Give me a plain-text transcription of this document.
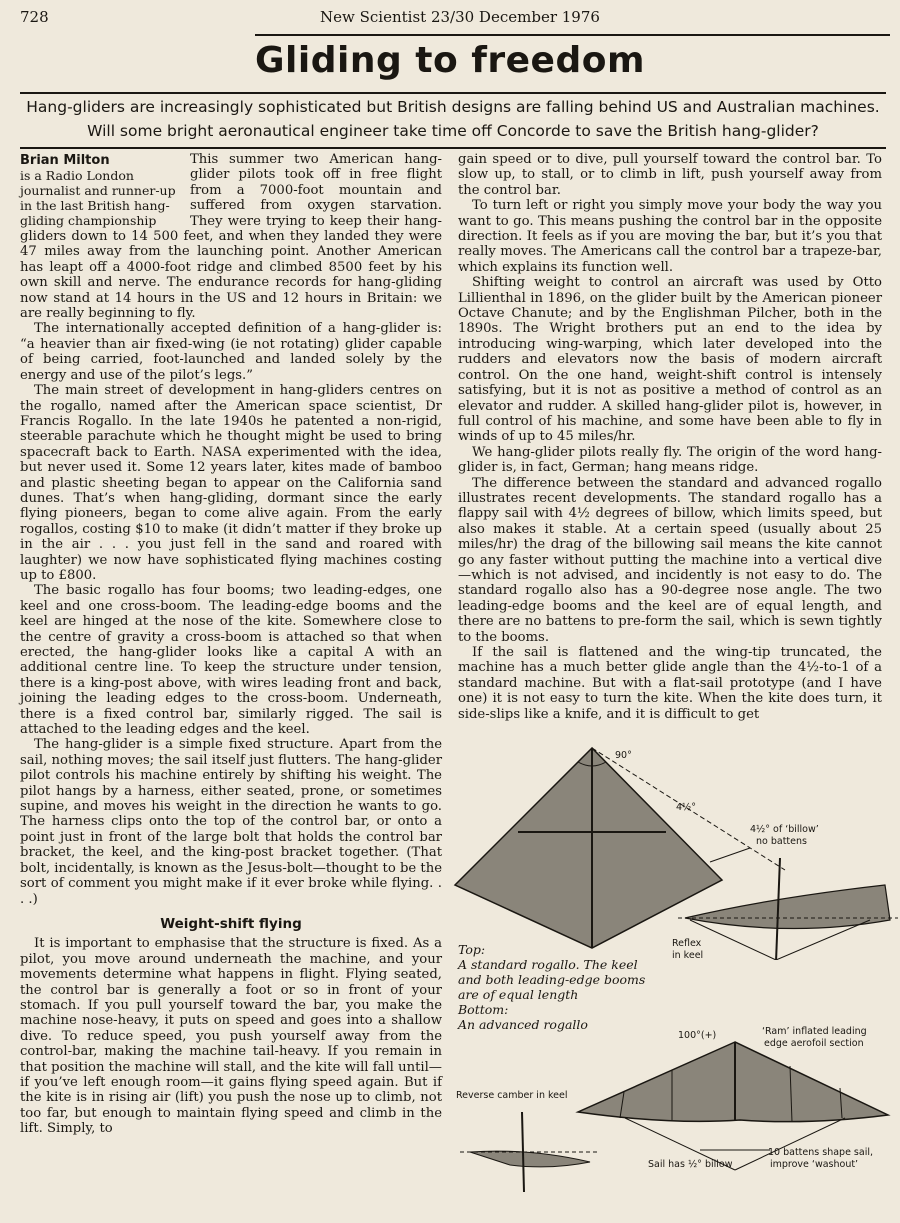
728	New Scientist 23/30 December 1976
Gliding to freedom
Hang-gliders are increasingly sophisticated but British designs are falling behind US and Australian machines. Will some bright aeronautical engineer take time off Concorde to save the British hang-glider?
Brian Milton
is a Radio London journalist and runner-up in the last British hang-gliding championship

This summer two American hang-glider pilots took off in free flight from a 7000-foot mountain and suffered from oxygen starvation. They were trying to keep their hang-gliders down to 14 500 feet, and when they landed they were 47 miles away from the launching point. Another American has leapt off a 4000-foot ridge and climbed 8500 feet by his own skill and nerve. The endurance records for hang-gliding now stand at 14 hours in the US and 12 hours in Britain: we are really beginning to fly.

The internationally accepted definition of a hang-glider is: “a heavier than air fixed-wing (ie not rotating) glider capable of being carried, foot-launched and landed solely by the energy and use of the pilot’s legs.”

The main street of development in hang-gliders centres on the rogallo, named after the American space scientist, Dr Francis Rogallo. In the late 1940s he patented a non-rigid, steerable parachute which he thought might be used to bring spacecraft back to Earth. NASA experimented with the idea, but never used it. Some 12 years later, kites made of bamboo and plastic sheeting began to appear on the California sand dunes. That’s when hang-gliding, dormant since the early flying pioneers, began to come alive again. From the early rogallos, costing $10 to make (it didn’t matter if they broke up in the air . . . you just fell in the sand and roared with laughter) we now have sophisticated flying machines costing up to £800.

The basic rogallo has four booms; two leading-edges, one keel and one cross-boom. The leading-edge booms and the keel are hinged at the nose of the kite. Somewhere close to the centre of gravity a cross-boom is attached so that when erected, the hang-glider looks like a capital A with an additional centre line. To keep the structure under tension, there is a king-post above, with wires leading front and back, joining the leading edges to the cross-boom. Underneath, there is a fixed control bar, similarly rigged. The sail is attached to the leading edges and the keel.

The hang-glider is a simple fixed structure. Apart from the sail, nothing moves; the sail itself just flutters. The hang-glider pilot controls his machine entirely by shifting his weight. The pilot hangs by a harness, either seated, prone, or sometimes supine, and moves his weight in the direction he wants to go. The harness clips onto the top of the control bar, or onto a point just in front of the large bolt that holds the control bar bracket, the keel, and the king-post bracket together. (That bolt, incidentally, is known as the Jesus-bolt—thought to be the sort of comment you might make if it ever broke while flying. . . .)

Weight-shift flying

It is important to emphasise that the structure is fixed. As a pilot, you move around underneath the machine, and your movements determine what happens in flight. Flying seated, the control bar is generally a foot or so in front of your stomach. If you pull yourself toward the bar, you make the machine nose-heavy, it puts on speed and goes into a shallow dive. To reduce speed, you push yourself away from the control-bar, making the machine tail-heavy. If you remain in that position the machine will stall, and the kite will fall until—if you’ve left enough room—it gains flying speed again. But if the kite is in rising air (lift) you push the nose up to climb, not too far, but enough to maintain flying speed and climb in the lift. Simply, to

gain speed or to dive, pull yourself toward the control bar. To slow up, to stall, or to climb in lift, push yourself away from the control bar.

To turn left or right you simply move your body the way you want to go. This means pushing the control bar in the opposite direction. It feels as if you are moving the bar, but it’s you that really moves. The Americans call the control bar a trapeze-bar, which explains its function well.

Shifting weight to control an aircraft was used by Otto Lillienthal in 1896, on the glider built by the American pioneer Octave Chanute; and by the Englishman Pilcher, both in the 1890s. The Wright brothers put an end to the idea by introducing wing-warping, which later developed into the rudders and elevators now the basis of modern aircraft control. On the one hand, weight-shift control is intensely satisfying, but it is not as positive a method of control as an elevator and rudder. A skilled hang-glider pilot is, however, in full control of his machine, and some have been able to fly in winds of up to 45 miles/hr.

We hang-glider pilots really fly. The origin of the word hang-glider is, in fact, German; hang means ridge.

The difference between the standard and advanced rogallo illustrates recent developments. The standard rogallo has a flappy sail with 4½ degrees of billow, which limits speed, but also makes it stable. At a certain speed (usually about 25 miles/hr) the drag of the billowing sail means the kite cannot go any faster without putting the machine into a vertical dive—which is not advised, and incidently is not easy to do. The standard rogallo also has a 90-degree nose angle. The two leading-edge booms and the keel are of equal length, and there are no battens to pre-form the sail, which is sewn tightly to the booms.

If the sail is flattened and the wing-tip truncated, the machine has a much better glide angle than the 4½-to-1 of a standard machine. But with a flat-sail prototype (and I have one) it is not easy to turn the kite. When the kite does turn, it side-slips like a knife, and it is difficult to get

90°
4½°
4½° of ‘billow’
no battens
Reflex
in keel
Top:
A standard rogallo. The keel and both leading-edge booms are of equal length
Bottom:
An advanced rogallo
100°(+)	‘Ram’ inflated leading
edge aerofoil section
Reverse camber in keel
Sail has ½° billow
10 battens shape sail,
improve ‘washout’
